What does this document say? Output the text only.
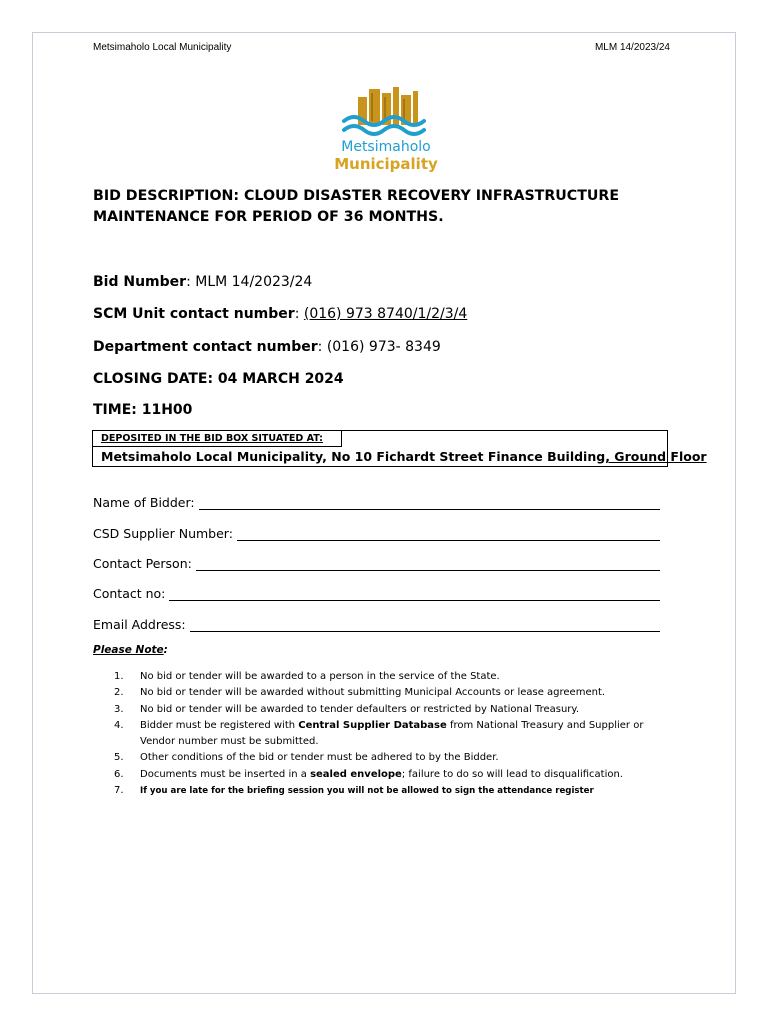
Metsimaholo Local Municipality	MLM 14/2023/24
Metsimaholo
Municipality
BID DESCRIPTION: CLOUD DISASTER RECOVERY INFRASTRUCTURE
MAINTENANCE FOR PERIOD OF 36 MONTHS.
Bid Number: MLM 14/2023/24
SCM Unit contact number: (016) 973 8740/1/2/3/4
Department contact number: (016) 973- 8349
CLOSING DATE: 04 MARCH 2024
TIME: 11H00
DEPOSITED IN THE BID BOX SITUATED AT:
Metsimaholo Local Municipality, No 10 Fichardt Street Finance Building, Ground Floor
Name of Bidder:
CSD Supplier Number:
Contact Person:
Contact no:
Email Address:
Please Note:
1.	No bid or tender will be awarded to a person in the service of the State.
2.	No bid or tender will be awarded without submitting Municipal Accounts or lease agreement.
3.	No bid or tender will be awarded to tender defaulters or restricted by National Treasury.
4.	Bidder must be registered with Central Supplier Database from National Treasury and Supplier or Vendor number must be submitted.
5.	Other conditions of the bid or tender must be adhered to by the Bidder.
6.	Documents must be inserted in a sealed envelope; failure to do so will lead to disqualification.
7.	If you are late for the briefing session you will not be allowed to sign the attendance register
